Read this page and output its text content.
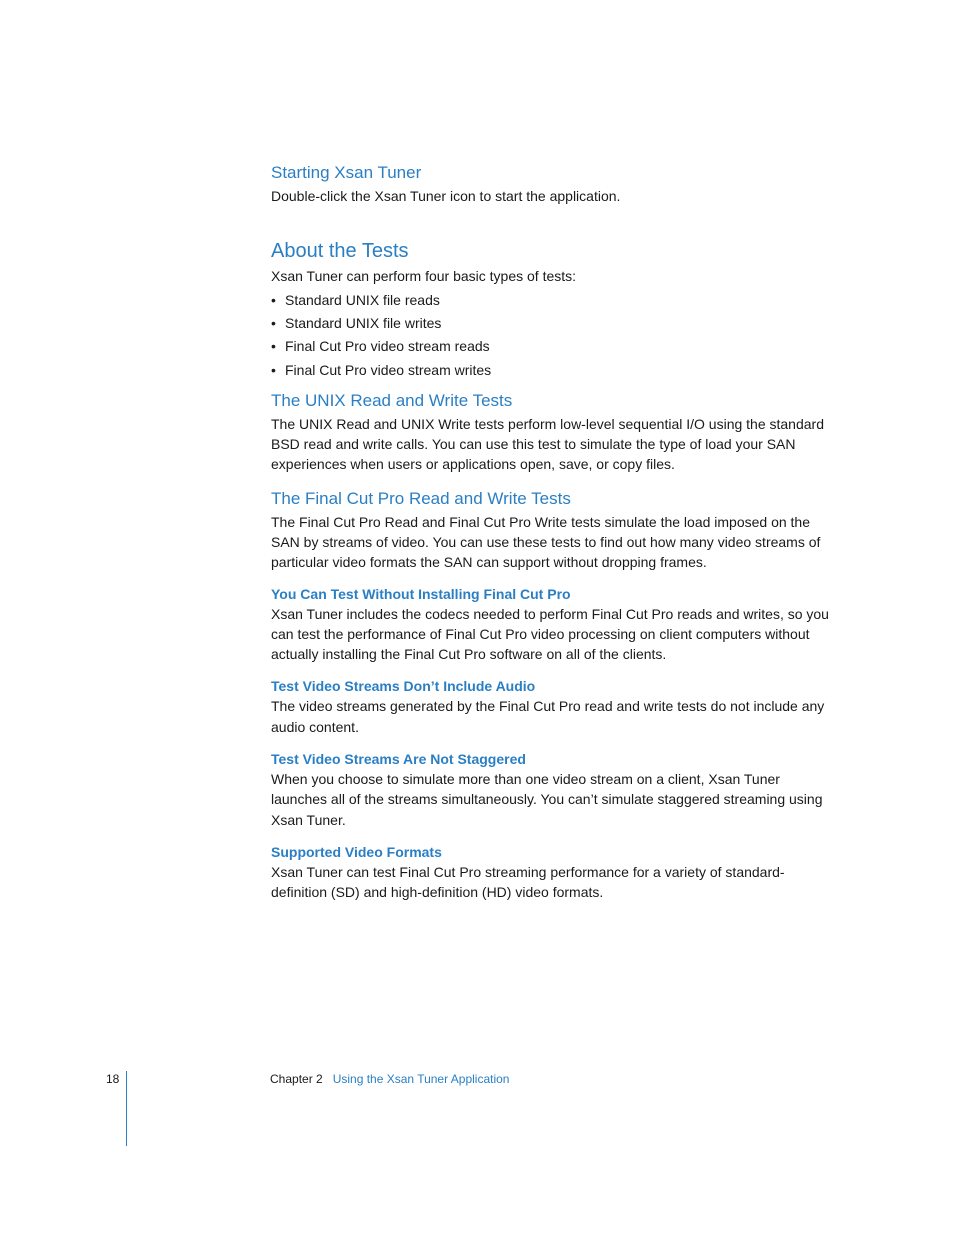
Starting Xsan Tuner

Double-click the Xsan Tuner icon to start the application.

About the Tests

Xsan Tuner can perform four basic types of tests:

• Standard UNIX file reads
• Standard UNIX file writes
• Final Cut Pro video stream reads
• Final Cut Pro video stream writes
The UNIX Read and Write Tests

The UNIX Read and UNIX Write tests perform low-level sequential I/O using the standard BSD read and write calls. You can use this test to simulate the type of load your SAN experiences when users or applications open, save, or copy files.

The Final Cut Pro Read and Write Tests

The Final Cut Pro Read and Final Cut Pro Write tests simulate the load imposed on the SAN by streams of video. You can use these tests to find out how many video streams of particular video formats the SAN can support without dropping frames.

You Can Test Without Installing Final Cut Pro

Xsan Tuner includes the codecs needed to perform Final Cut Pro reads and writes, so you can test the performance of Final Cut Pro video processing on client computers without actually installing the Final Cut Pro software on all of the clients.

Test Video Streams Don’t Include Audio

The video streams generated by the Final Cut Pro read and write tests do not include any audio content.

Test Video Streams Are Not Staggered

When you choose to simulate more than one video stream on a client, Xsan Tuner launches all of the streams simultaneously. You can’t simulate staggered streaming using Xsan Tuner.

Supported Video Formats

Xsan Tuner can test Final Cut Pro streaming performance for a variety of standard-definition (SD) and high-definition (HD) video formats.

18	Chapter 2 Using the Xsan Tuner Application
